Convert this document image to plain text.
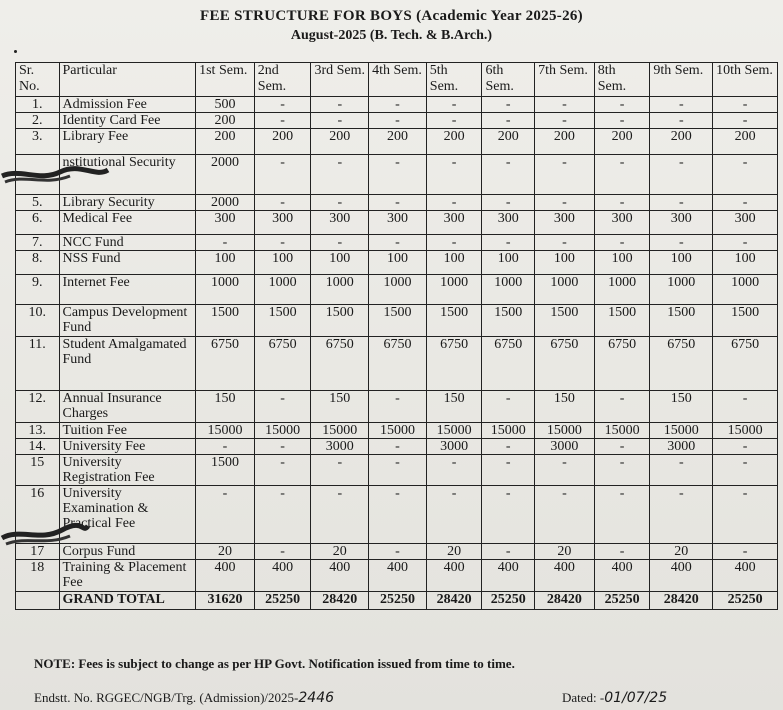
FEE STRUCTURE FOR BOYS (Academic Year 2025-26)
August-2025 (B. Tech. & B.Arch.)
Sr. No.	Particular	1st Sem.	2nd Sem.	3rd Sem.	4th Sem.	5th Sem.	6th Sem.	7th Sem.	8th Sem.	9th Sem.	10th Sem.
1.	Admission Fee	500	-	-	-	-	-	-	-	-	-
2.	Identity Card Fee	200	-	-	-	-	-	-	-	-	-
3.	Library Fee	200	200	200	200	200	200	200	200	200	200
	nstitutional Security	2000	-	-	-	-	-	-	-	-	-
5.	Library Security	2000	-	-	-	-	-	-	-	-	-
6.	Medical Fee	300	300	300	300	300	300	300	300	300	300
7.	NCC Fund	-	-	-	-	-	-	-	-	-	-
8.	NSS Fund	100	100	100	100	100	100	100	100	100	100
9.	Internet Fee	1000	1000	1000	1000	1000	1000	1000	1000	1000	1000
10.	Campus Development Fund	1500	1500	1500	1500	1500	1500	1500	1500	1500	1500
11.	Student Amalgamated Fund	6750	6750	6750	6750	6750	6750	6750	6750	6750	6750
12.	Annual Insurance Charges	150	-	150	-	150	-	150	-	150	-
13.	Tuition Fee	15000	15000	15000	15000	15000	15000	15000	15000	15000	15000
14.	University Fee	-	-	3000	-	3000	-	3000	-	3000	-
15	University Registration Fee	1500	-	-	-	-	-	-	-	-	-
16	University Examination & Practical Fee	-	-	-	-	-	-	-	-	-	-
17	Corpus Fund	20	-	20	-	20	-	20	-	20	-
18	Training & Placement Fee	400	400	400	400	400	400	400	400	400	400
	GRAND TOTAL	31620	25250	28420	25250	28420	25250	28420	25250	28420	25250
NOTE: Fees is subject to change as per HP Govt. Notification issued from time to time.
Endstt. No. RGGEC/NGB/Trg. (Admission)/2025-2446	Dated: -01/07/25
